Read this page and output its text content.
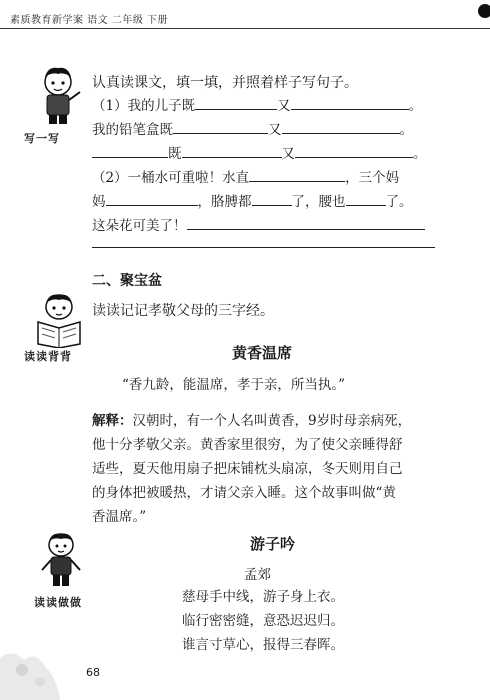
素质教育新学案 语文 二年级 下册
写一写
认真读课文，填一填，并照着样子写句子。
（1）我的儿子既	又	。
我的铅笔盒既	又	。
既	又	。
（2）一桶水可重啦！水直	，三个妈
妈	，胳膊都	了，腰也	了。
这朵花可美了！
二、聚宝盆
读读背背
读读记记孝敬父母的三字经。
黄香温席
“香九龄，能温席，孝于亲，所当执。”
解释：汉朝时，有一个人名叫黄香，9岁时母亲病死，
他十分孝敬父亲。黄香家里很穷，为了使父亲睡得舒
适些，夏天他用扇子把床铺枕头扇凉，冬天则用自己
的身体把被暖热，才请父亲入睡。这个故事叫做“黄
香温席。”
读读做做
游子吟
孟郊
慈母手中线，游子身上衣。
临行密密缝，意恐迟迟归。
谁言寸草心，报得三春晖。
68
